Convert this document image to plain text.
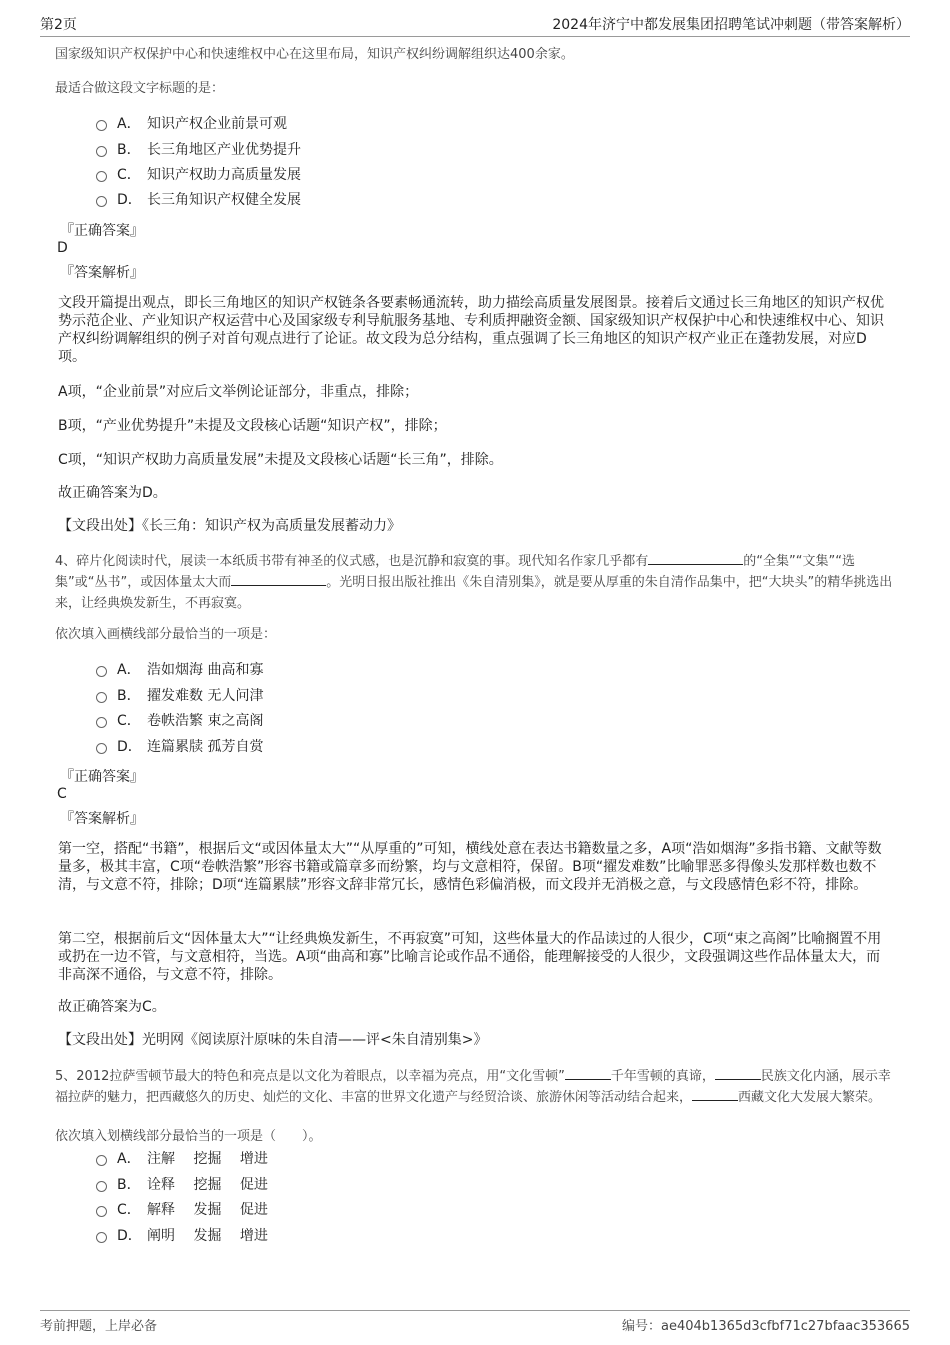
第2页	2024年济宁中都发展集团招聘笔试冲刺题（带答案解析）
国家级知识产权保护中心和快速维权中心在这里布局，知识产权纠纷调解组织达400余家。
最适合做这段文字标题的是：
A． 知识产权企业前景可观
B． 长三角地区产业优势提升
C． 知识产权助力高质量发展
D． 长三角知识产权健全发展
『正确答案』
D
『答案解析』
文段开篇提出观点，即长三角地区的知识产权链条各要素畅通流转，助力描绘高质量发展图景。接着后文通过长三角地区的知识产权优势示范企业、产业知识产权运营中心及国家级专利导航服务基地、专利质押融资金额、国家级知识产权保护中心和快速维权中心、知识产权纠纷调解组织的例子对首句观点进行了论证。故文段为总分结构，重点强调了长三角地区的知识产权产业正在蓬勃发展，对应D项。
A项，“企业前景”对应后文举例论证部分，非重点，排除；
B项，“产业优势提升”未提及文段核心话题“知识产权”，排除；
C项，“知识产权助力高质量发展”未提及文段核心话题“长三角”，排除。
故正确答案为D。
【文段出处】《长三角：知识产权为高质量发展蓄动力》
4、碎片化阅读时代，展读一本纸质书带有神圣的仪式感，也是沉静和寂寞的事。现代知名作家几乎都有	的“全集”“文集”“选集”或“丛书”，或因体量太大而	。光明日报出版社推出《朱自清别集》，就是要从厚重的朱自清作品集中，把“大块头”的精华挑选出来，让经典焕发新生，不再寂寞。
依次填入画横线部分最恰当的一项是：
A． 浩如烟海 曲高和寡
B． 擢发难数 无人问津
C． 卷帙浩繁 束之高阁
D． 连篇累牍 孤芳自赏
『正确答案』
C
『答案解析』
第一空，搭配“书籍”，根据后文“或因体量太大”“从厚重的”可知，横线处意在表达书籍数量之多，A项“浩如烟海”多指书籍、文献等数量多，极其丰富，C项“卷帙浩繁”形容书籍或篇章多而纷繁，均与文意相符，保留。B项“擢发难数”比喻罪恶多得像头发那样数也数不清，与文意不符，排除；D项“连篇累牍”形容文辞非常冗长，感情色彩偏消极，而文段并无消极之意，与文段感情色彩不符，排除。
第二空，根据前后文“因体量太大”“让经典焕发新生，不再寂寞”可知，这些体量大的作品读过的人很少，C项“束之高阁”比喻搁置不用或扔在一边不管，与文意相符，当选。A项“曲高和寡”比喻言论或作品不通俗，能理解接受的人很少，文段强调这些作品体量太大，而非高深不通俗，与文意不符，排除。
故正确答案为C。
【文段出处】光明网《阅读原汁原味的朱自清——评<朱自清别集>》
5、2012拉萨雪顿节最大的特色和亮点是以文化为着眼点，以幸福为亮点，用“文化雪顿”	千年雪顿的真谛，	民族文化内涵，展示幸福拉萨的魅力，把西藏悠久的历史、灿烂的文化、丰富的世界文化遗产与经贸洽谈、旅游休闲等活动结合起来，	西藏文化大发展大繁荣。
依次填入划横线部分最恰当的一项是（　　）。
A． 注解　 挖掘　 增进
B． 诠释　 挖掘　 促进
C． 解释　 发掘　 促进
D． 阐明　 发掘　 增进
考前押题，上岸必备	编号：ae404b1365d3cfbf71c27bfaac353665
